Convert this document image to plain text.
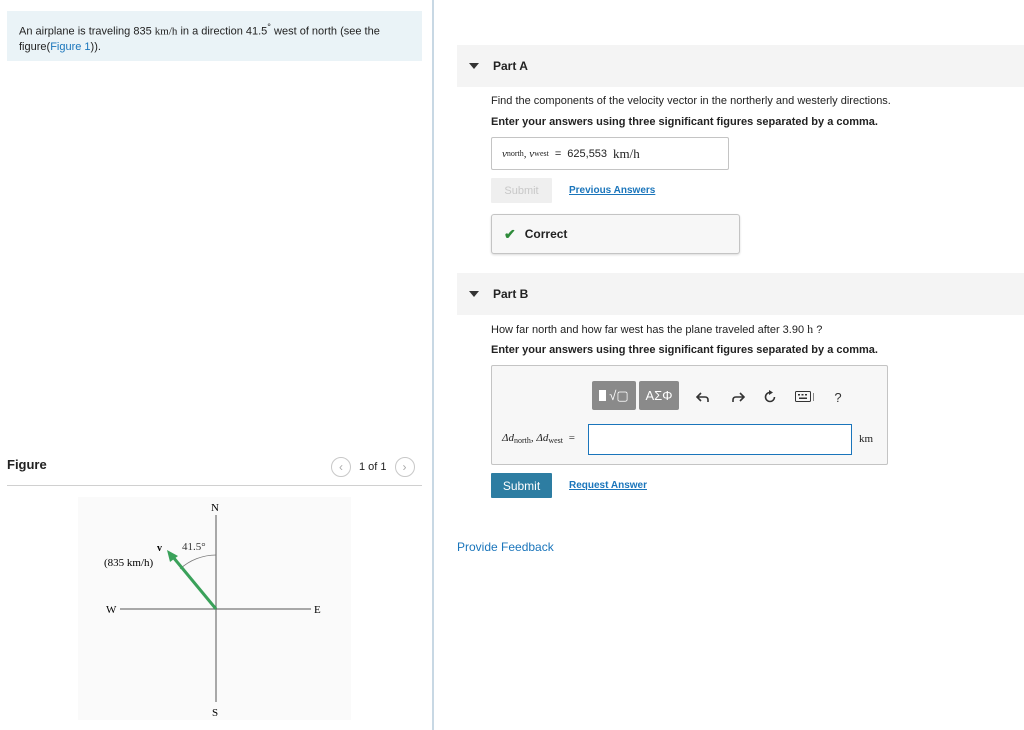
An airplane is traveling 835 km/h in a direction 41.5° west of north (see the figure(Figure 1)).
Figure	‹	1 of 1	›
N
S
E
W
41.5°
v
(835 km/h)
Part A
Find the components of the velocity vector in the northerly and westerly directions.
Enter your answers using three significant figures separated by a comma.
v north , v west = 625,553 km/h
Submit	Previous Answers
✔ Correct
Part B
How far north and how far west has the plane traveled after 3.90 h ?
Enter your answers using three significant figures separated by a comma.
√▢	ΑΣΦ	?
$\Delta d_{north}$, $\Delta d_{west}$ =	km
Submit	Request Answer
Provide Feedback
